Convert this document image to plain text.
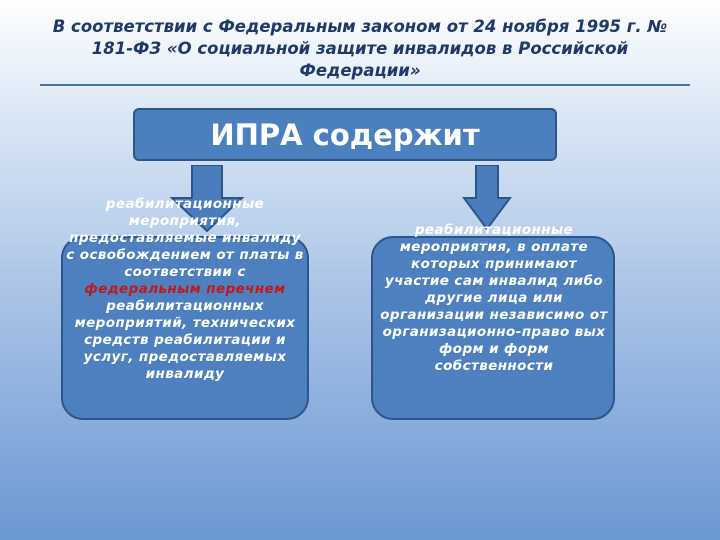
В соответствии с Федеральным законом от 24 ноября 1995 г. № 181-ФЗ «О социальной защите инвалидов в Российской Федерации»
ИПРА содержит
реабилитационные мероприятия, предоставляемые инвалиду с освобождением от платы в соответствии с федеральным перечнем реабилитационных мероприятий, технических средств реабилитации и услуг, предоставляемых инвалиду
реабилитационные мероприятия, в оплате которых принимают участие сам инвалид либо другие лица или организации независимо от организационно-право вых форм и форм собственности
